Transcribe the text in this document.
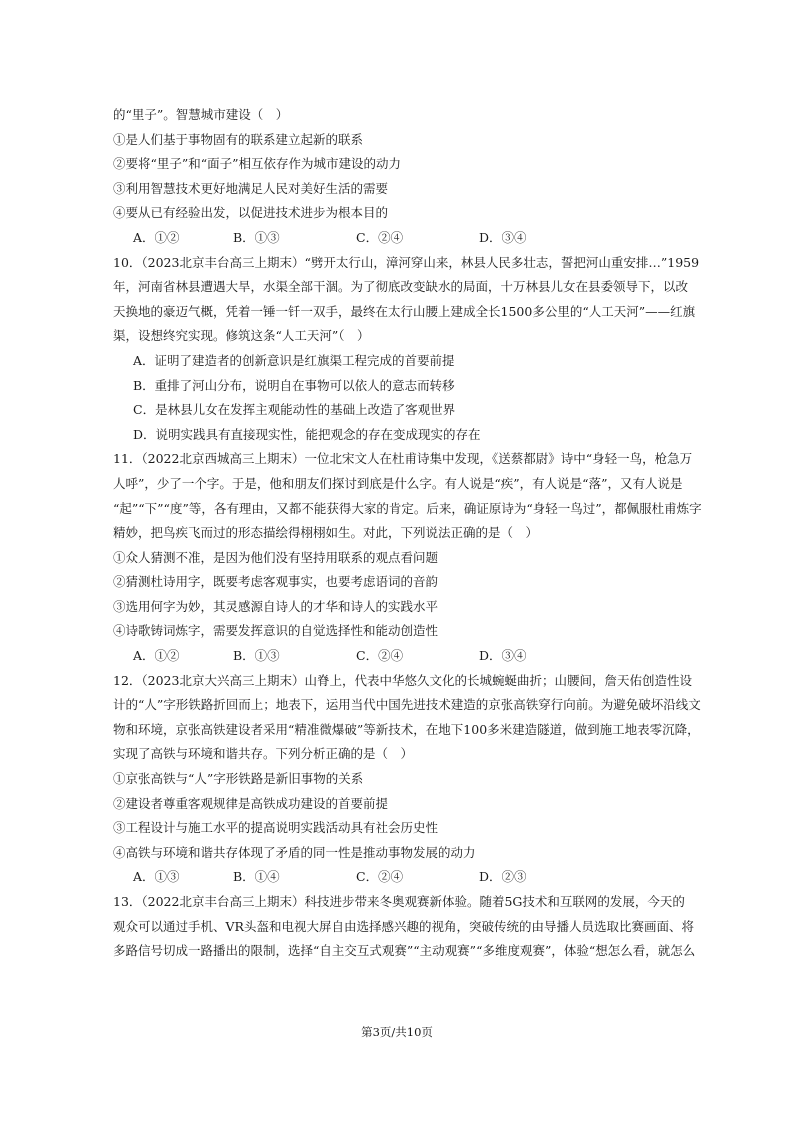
的“里子”。智慧城市建设（　）
①是人们基于事物固有的联系建立起新的联系
②要将“里子”和“面子”相互依存作为城市建设的动力
③利用智慧技术更好地满足人民对美好生活的需要
④要从已有经验出发，以促进技术进步为根本目的
A．①②	B．①③	C．②④	D．③④
10．（2023北京丰台高三上期末）“劈开太行山，漳河穿山来，林县人民多壮志，誓把河山重安排…”1959
年，河南省林县遭遇大旱，水渠全部干涸。为了彻底改变缺水的局面，十万林县儿女在县委领导下，以改
天换地的豪迈气概，凭着一锤一钎一双手，最终在太行山腰上建成全长1500多公里的“人工天河”——红旗
渠，设想终究实现。修筑这条“人工天河”（　）
A．证明了建造者的创新意识是红旗渠工程完成的首要前提
B．重排了河山分布，说明自在事物可以依人的意志而转移
C．是林县儿女在发挥主观能动性的基础上改造了客观世界
D．说明实践具有直接现实性，能把观念的存在变成现实的存在
11．（2022北京西城高三上期末）一位北宋文人在杜甫诗集中发现，《送蔡都尉》诗中“身轻一鸟，枪急万
人呼”，少了一个字。于是，他和朋友们探讨到底是什么字。有人说是“疾”，有人说是“落”，又有人说是
“起”“下”“度”等，各有理由，又都不能获得大家的肯定。后来，确证原诗为“身轻一鸟过”，都佩服杜甫炼字
精妙，把鸟疾飞而过的形态描绘得栩栩如生。对此，下列说法正确的是（　）
①众人猜测不准，是因为他们没有坚持用联系的观点看问题
②猜测杜诗用字，既要考虑客观事实，也要考虑语词的音韵
③选用何字为妙，其灵感源自诗人的才华和诗人的实践水平
④诗歌铸词炼字，需要发挥意识的自觉选择性和能动创造性
A．①②	B．①③	C．②④	D．③④
12．（2023北京大兴高三上期末）山脊上，代表中华悠久文化的长城蜿蜒曲折；山腰间，詹天佑创造性设
计的“人”字形铁路折回而上；地表下，运用当代中国先进技术建造的京张高铁穿行向前。为避免破坏沿线文
物和环境，京张高铁建设者采用“精准微爆破”等新技术，在地下100多米建造隧道，做到施工地表零沉降，
实现了高铁与环境和谐共存。下列分析正确的是（　）
①京张高铁与“人”字形铁路是新旧事物的关系
②建设者尊重客观规律是高铁成功建设的首要前提
③工程设计与施工水平的提高说明实践活动具有社会历史性
④高铁与环境和谐共存体现了矛盾的同一性是推动事物发展的动力
A．①③	B．①④	C．②④	D．②③
13．（2022北京丰台高三上期末）科技进步带来冬奥观赛新体验。随着5G技术和互联网的发展，今天的
观众可以通过手机、VR头盔和电视大屏自由选择感兴趣的视角，突破传统的由导播人员选取比赛画面、将
多路信号切成一路播出的限制，选择“自主交互式观赛”“主动观赛”“多维度观赛”，体验“想怎么看，就怎么
第3页/共10页
